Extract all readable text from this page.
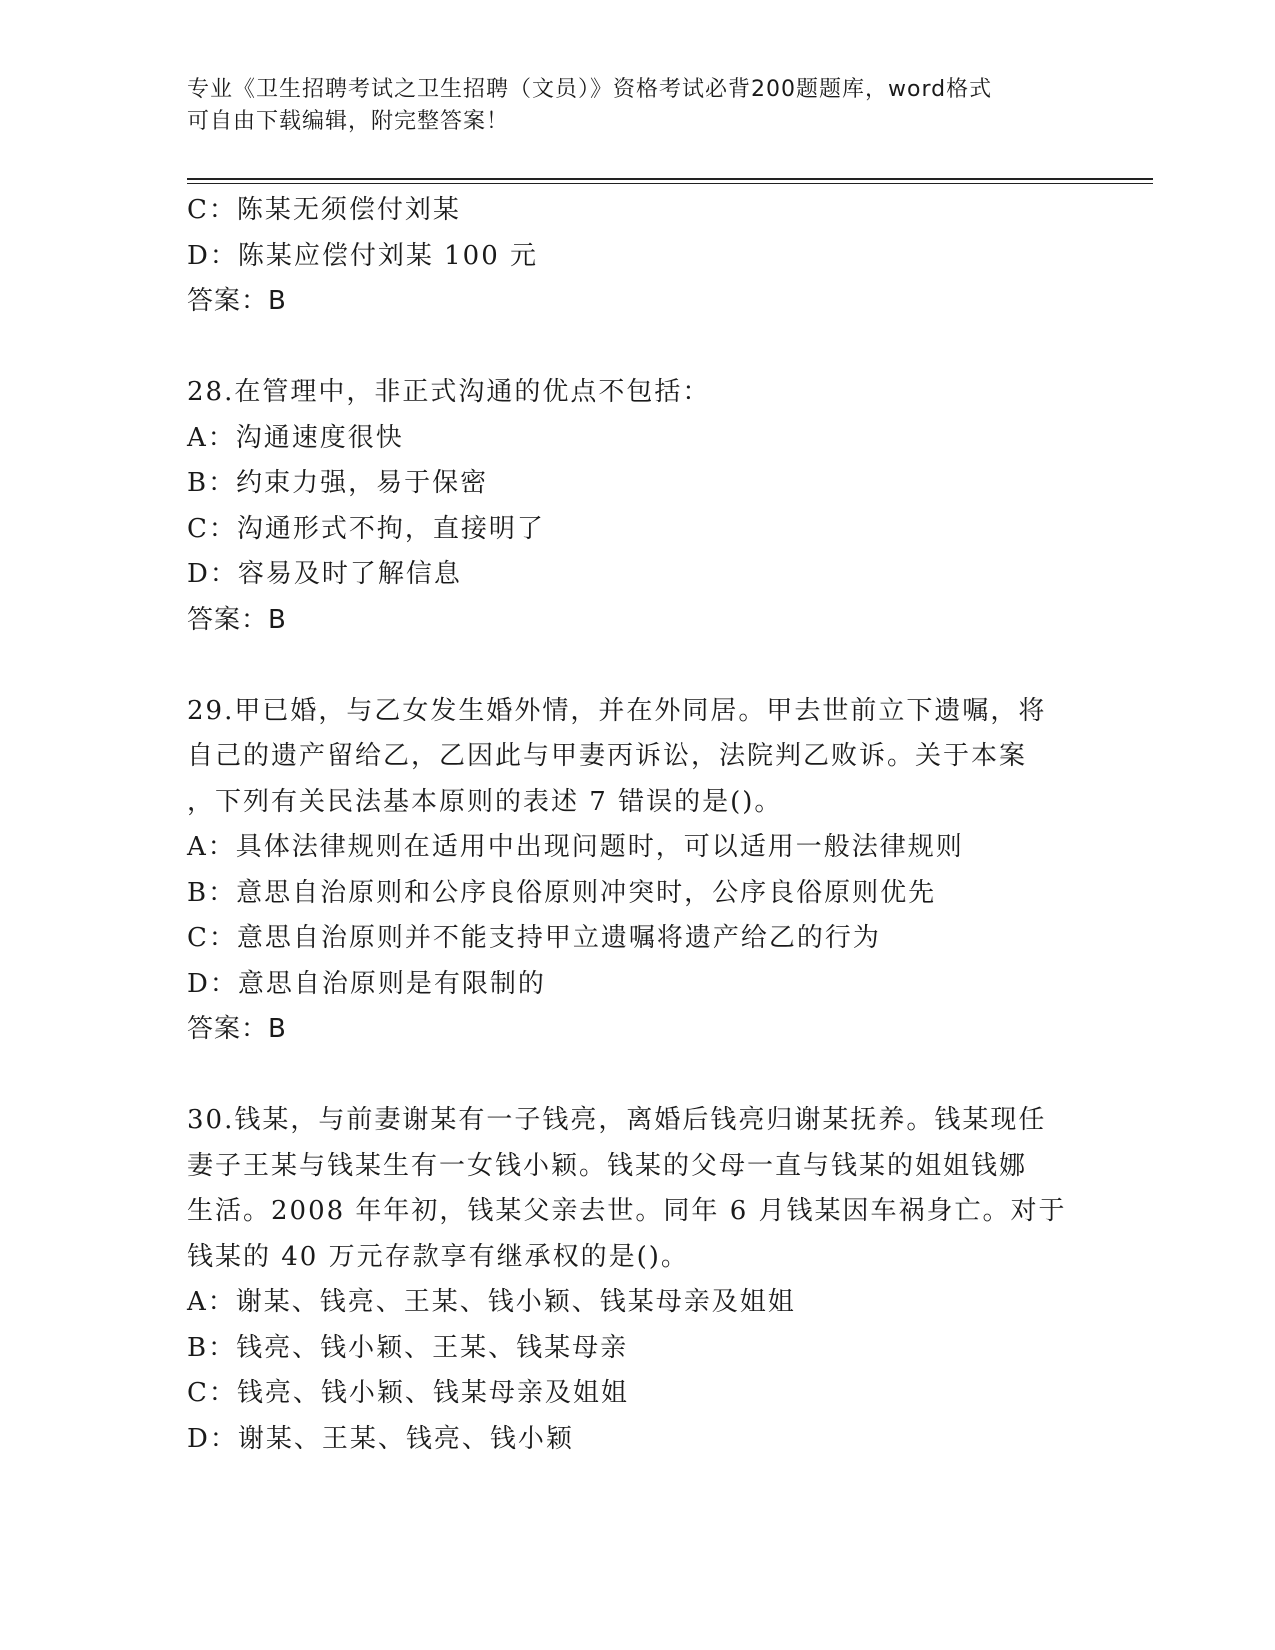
专业《卫生招聘考试之卫生招聘（文员）》资格考试必背200题题库，word格式
可自由下载编辑，附完整答案！
C：陈某无须偿付刘某
D：陈某应偿付刘某 100 元
答案：B
28.在管理中，非正式沟通的优点不包括：
A：沟通速度很快
B：约束力强，易于保密
C：沟通形式不拘，直接明了
D：容易及时了解信息
答案：B
29.甲已婚，与乙女发生婚外情，并在外同居。甲去世前立下遗嘱，将
自己的遗产留给乙，乙因此与甲妻丙诉讼，法院判乙败诉。关于本案
，下列有关民法基本原则的表述 7 错误的是()。
A：具体法律规则在适用中出现问题时，可以适用一般法律规则
B：意思自治原则和公序良俗原则冲突时，公序良俗原则优先
C：意思自治原则并不能支持甲立遗嘱将遗产给乙的行为
D：意思自治原则是有限制的
答案：B
30.钱某，与前妻谢某有一子钱亮，离婚后钱亮归谢某抚养。钱某现任
妻子王某与钱某生有一女钱小颖。钱某的父母一直与钱某的姐姐钱娜
生活。2008 年年初，钱某父亲去世。同年 6 月钱某因车祸身亡。对于
钱某的 40 万元存款享有继承权的是()。
A：谢某、钱亮、王某、钱小颖、钱某母亲及姐姐
B：钱亮、钱小颖、王某、钱某母亲
C：钱亮、钱小颖、钱某母亲及姐姐
D：谢某、王某、钱亮、钱小颖
